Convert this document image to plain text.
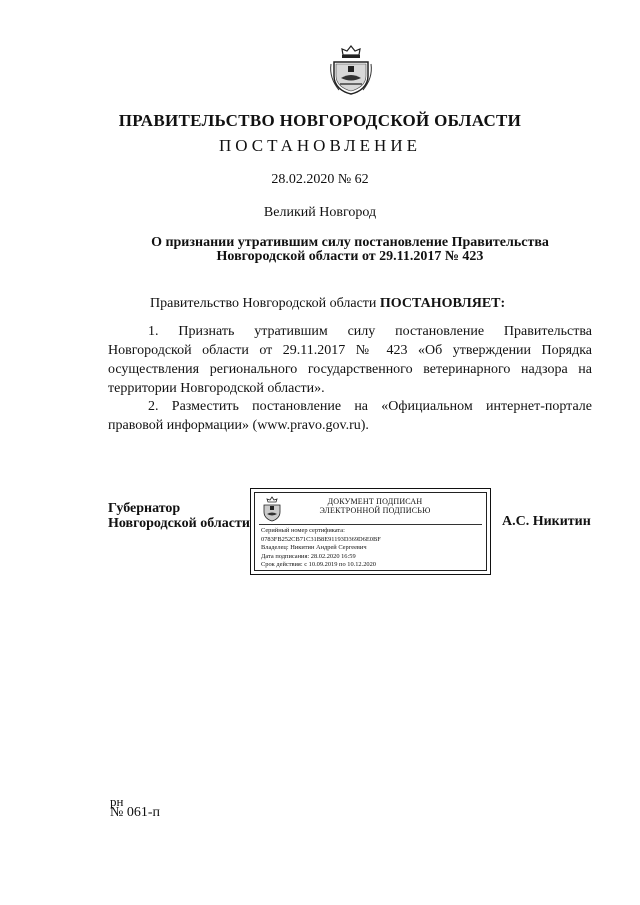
ПРАВИТЕЛЬСТВО НОВГОРОДСКОЙ ОБЛАСТИ
ПОСТАНОВЛЕНИЕ
28.02.2020 № 62
Великий Новгород
О признании утратившим силу постановление Правительства
Новгородской области от 29.11.2017 № 423
Правительство Новгородской области ПОСТАНОВЛЯЕТ:
1. Признать утратившим силу постановление Правительства Новгородской области от 29.11.2017 № 423 «Об утверждении Порядка осуществления регионального государственного ветеринарного надзора на территории Новгородской области».
2. Разместить постановление на «Официальном интернет-портале правовой информации» (www.pravo.gov.ru).
Губернатор
Новгородской области
ДОКУМЕНТ ПОДПИСАН
ЭЛЕКТРОННОЙ ПОДПИСЬЮ
Серийный номер сертификата:
0783FB252CB71C31B8E91193D369D6E0BF
Владелец: Никитин Андрей Сергеевич
Дата подписания: 28.02.2020 16:59
Срок действия: с 10.09.2019 по 10.12.2020
А.С. Никитин
рн
№ 061-п
